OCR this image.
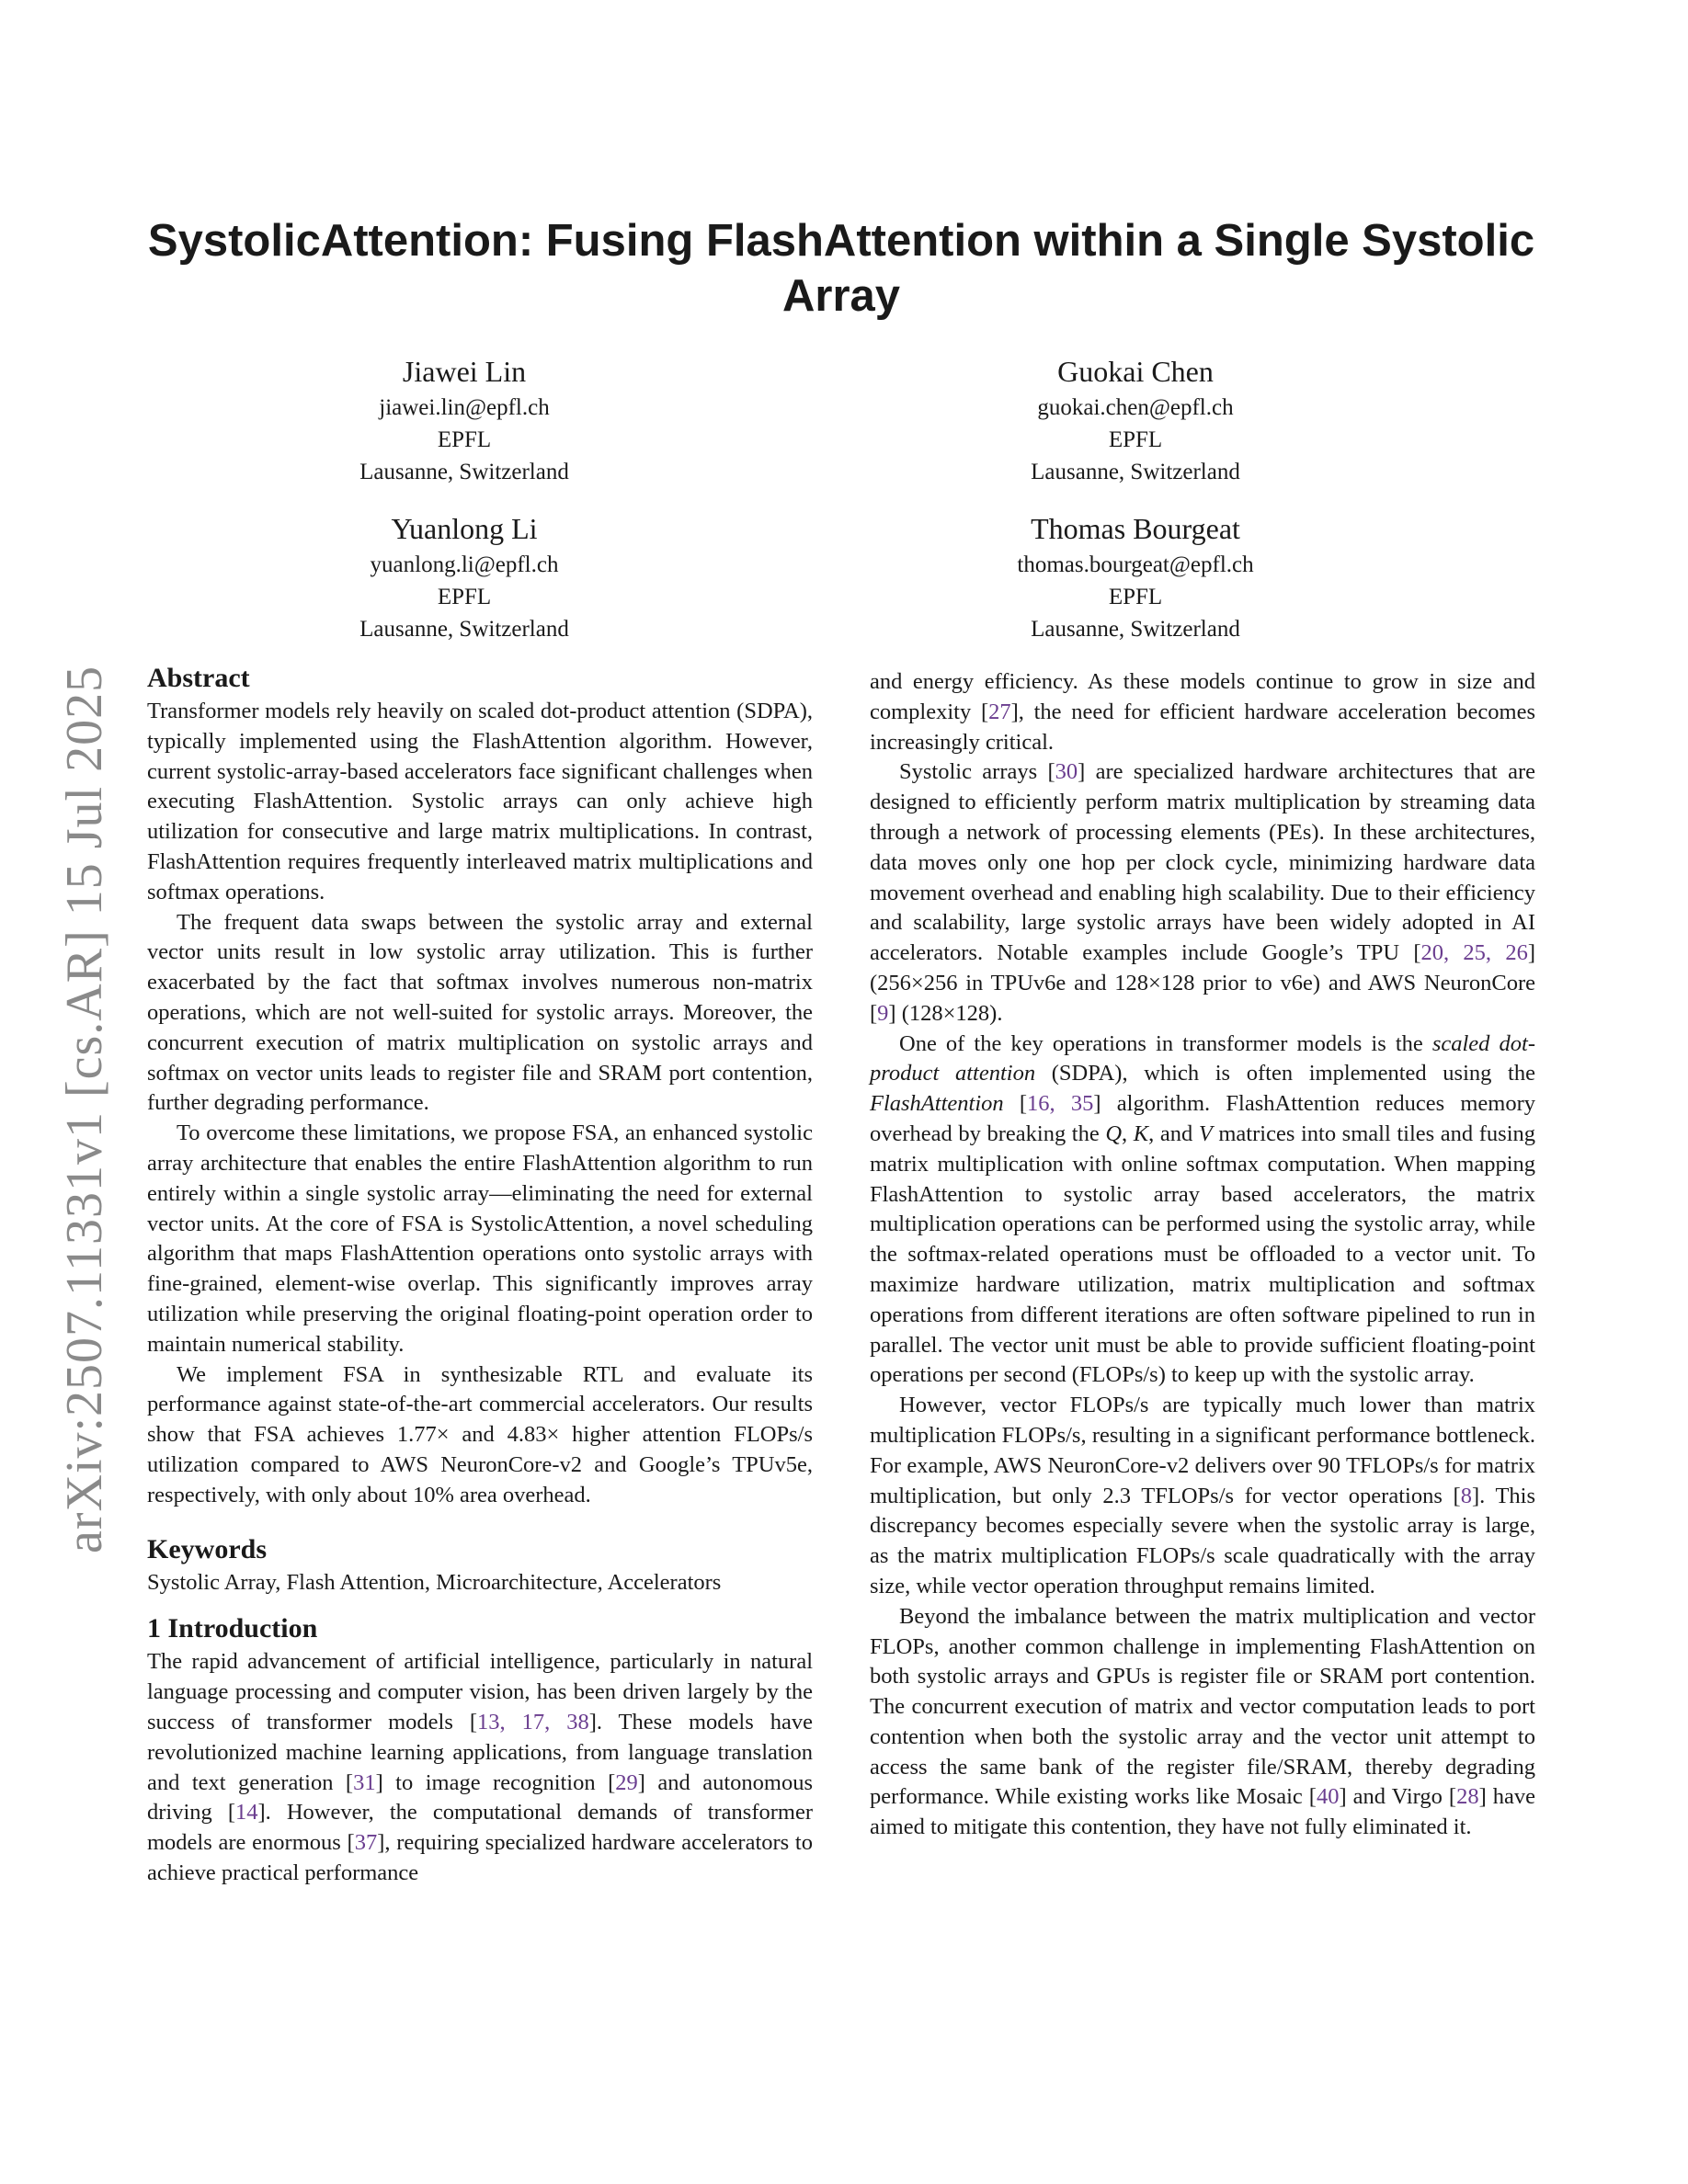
arXiv:2507.11331v1 [cs.AR] 15 Jul 2025
SystolicAttention: Fusing FlashAttention within a Single Systolic Array
Jiawei Lin
jiawei.lin@epfl.ch
EPFL
Lausanne, Switzerland
Guokai Chen
guokai.chen@epfl.ch
EPFL
Lausanne, Switzerland
Yuanlong Li
yuanlong.li@epfl.ch
EPFL
Lausanne, Switzerland
Thomas Bourgeat
thomas.bourgeat@epfl.ch
EPFL
Lausanne, Switzerland
Abstract

Transformer models rely heavily on scaled dot-product attention (SDPA), typically implemented using the FlashAttention algorithm. However, current systolic-array-based accelerators face significant challenges when executing FlashAttention. Systolic arrays can only achieve high utilization for consecutive and large matrix multiplications. In contrast, FlashAttention requires frequently interleaved matrix multiplications and softmax operations.

The frequent data swaps between the systolic array and external vector units result in low systolic array utilization. This is further exacerbated by the fact that softmax involves numerous non-matrix operations, which are not well-suited for systolic arrays. Moreover, the concurrent execution of matrix multiplication on systolic arrays and softmax on vector units leads to register file and SRAM port contention, further degrading performance.

To overcome these limitations, we propose FSA, an enhanced systolic array architecture that enables the entire FlashAttention algorithm to run entirely within a single systolic array—eliminating the need for external vector units. At the core of FSA is SystolicAttention, a novel scheduling algorithm that maps FlashAttention operations onto systolic arrays with fine-grained, element-wise overlap. This significantly improves array utilization while preserving the original floating-point operation order to maintain numerical stability.

We implement FSA in synthesizable RTL and evaluate its performance against state-of-the-art commercial accelerators. Our results show that FSA achieves 1.77× and 4.83× higher attention FLOPs/s utilization compared to AWS NeuronCore-v2 and Google’s TPUv5e, respectively, with only about 10% area overhead.

Keywords

Systolic Array, Flash Attention, Microarchitecture, Accelerators

1 Introduction

The rapid advancement of artificial intelligence, particularly in natural language processing and computer vision, has been driven largely by the success of transformer models [13, 17, 38]. These models have revolutionized machine learning applications, from language translation and text generation [31] to image recognition [29] and autonomous driving [14]. However, the computational demands of transformer models are enormous [37], requiring specialized hardware accelerators to achieve practical performance

and energy efficiency. As these models continue to grow in size and complexity [27], the need for efficient hardware acceleration becomes increasingly critical.

Systolic arrays [30] are specialized hardware architectures that are designed to efficiently perform matrix multiplication by streaming data through a network of processing elements (PEs). In these architectures, data moves only one hop per clock cycle, minimizing hardware data movement overhead and enabling high scalability. Due to their efficiency and scalability, large systolic arrays have been widely adopted in AI accelerators. Notable examples include Google’s TPU [20, 25, 26] (256×256 in TPUv6e and 128×128 prior to v6e) and AWS NeuronCore [9] (128×128).

One of the key operations in transformer models is the scaled dot-product attention (SDPA), which is often implemented using the FlashAttention [16, 35] algorithm. FlashAttention reduces memory overhead by breaking the Q, K, and V matrices into small tiles and fusing matrix multiplication with online softmax computation. When mapping FlashAttention to systolic array based accelerators, the matrix multiplication operations can be performed using the systolic array, while the softmax-related operations must be offloaded to a vector unit. To maximize hardware utilization, matrix multiplication and softmax operations from different iterations are often software pipelined to run in parallel. The vector unit must be able to provide sufficient floating-point operations per second (FLOPs/s) to keep up with the systolic array.

However, vector FLOPs/s are typically much lower than matrix multiplication FLOPs/s, resulting in a significant performance bottleneck. For example, AWS NeuronCore-v2 delivers over 90 TFLOPs/s for matrix multiplication, but only 2.3 TFLOPs/s for vector operations [8]. This discrepancy becomes especially severe when the systolic array is large, as the matrix multiplication FLOPs/s scale quadratically with the array size, while vector operation throughput remains limited.

Beyond the imbalance between the matrix multiplication and vector FLOPs, another common challenge in implementing FlashAttention on both systolic arrays and GPUs is register file or SRAM port contention. The concurrent execution of matrix and vector computation leads to port contention when both the systolic array and the vector unit attempt to access the same bank of the register file/SRAM, thereby degrading performance. While existing works like Mosaic [40] and Virgo [28] have aimed to mitigate this contention, they have not fully eliminated it.
